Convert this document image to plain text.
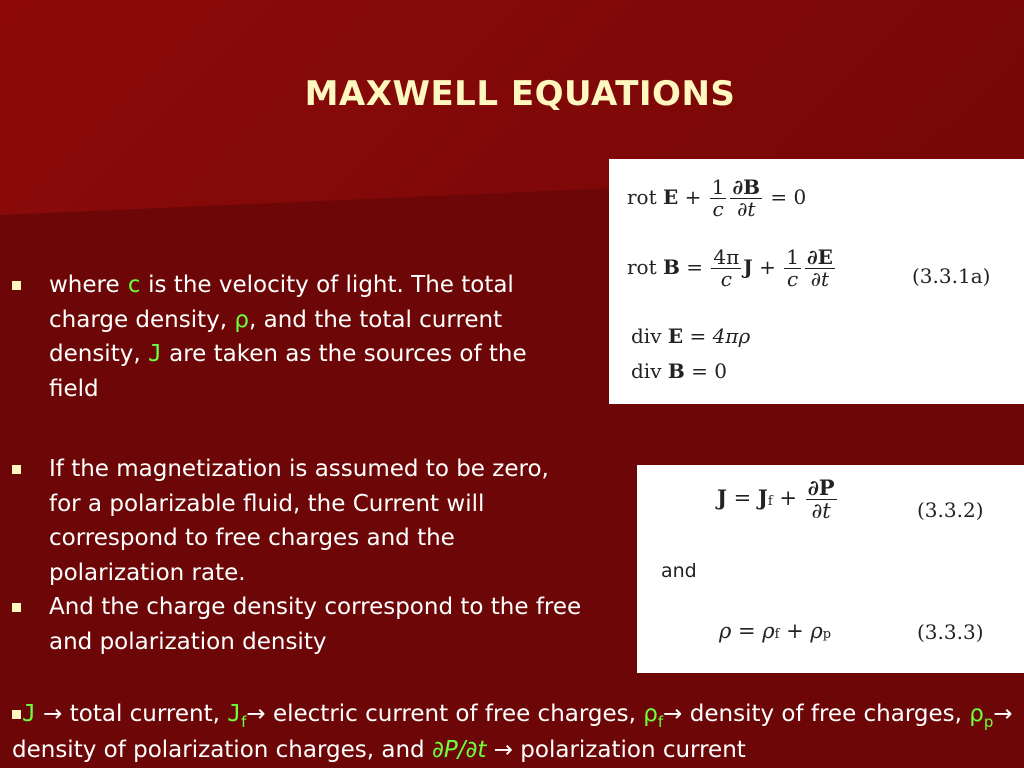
MAXWELL EQUATIONS
where c is the velocity of light. The total charge density, ρ, and the total current density, J are taken as the sources of the field
If the magnetization is assumed to be zero, for a polarizable fluid, the Current will correspond to free charges and the polarization rate.
And the charge density correspond to the free and polarization density
rot $E + \frac{1}{c} \frac{\partial B}{\partial t} = 0$
rot $B = \frac{4\pi}{c}$ $J + \frac{1}{c} \frac{\partial E}{\partial t}$	(3.3.1a)
div E = 4πρ
div B = 0
$J = Jf + \frac{\partial P}{\partial t}$	(3.3.2)
and
ρ = ρf + ρp	(3.3.3)
J → total current, $J_f\to$ electric current of free charges, $\rho_f\to$ density of free charges, $\rho_p\to$ density of polarization charges, and ∂P/∂t → polarization current
